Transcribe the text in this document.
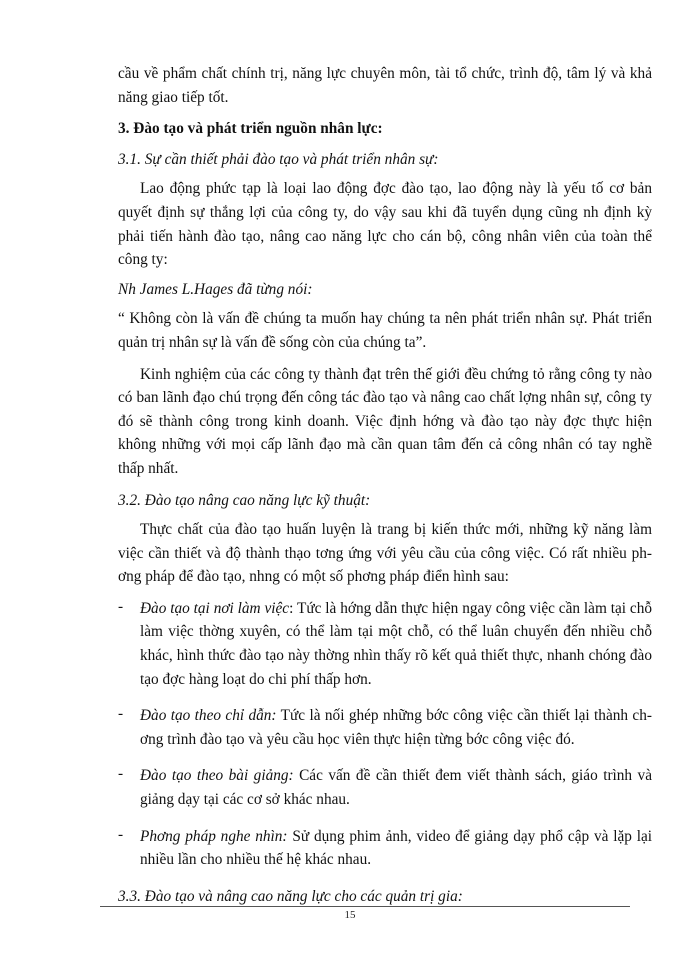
cầu về phẩm chất chính trị, năng lực chuyên môn, tài tổ chức, trình độ, tâm lý và khả năng giao tiếp tốt.

3. Đào tạo và phát triển nguồn nhân lực:

3.1. Sự cần thiết phải đào tạo và phát triển nhân sự:

Lao động phức tạp là loại lao động đợc đào tạo, lao động này là yếu tố cơ bản quyết định sự thắng lợi của công ty, do vậy sau khi đã tuyển dụng cũng nh định kỳ phải tiến hành đào tạo, nâng cao năng lực cho cán bộ, công nhân viên của toàn thể công ty:

Nh James L.Hages đã từng nói:

“ Không còn là vấn đề chúng ta muốn hay chúng ta nên phát triển nhân sự. Phát triển quản trị nhân sự là vấn đề sống còn của chúng ta”.

Kinh nghiệm của các công ty thành đạt trên thế giới đều chứng tỏ rằng công ty nào có ban lãnh đạo chú trọng đến công tác đào tạo và nâng cao chất lợng nhân sự, công ty đó sẽ thành công trong kinh doanh. Việc định hớng và đào tạo này đợc thực hiện không những với mọi cấp lãnh đạo mà cần quan tâm đến cả công nhân có tay nghề thấp nhất.

3.2. Đào tạo nâng cao năng lực kỹ thuật:

Thực chất của đào tạo huấn luyện là trang bị kiến thức mới, những kỹ năng làm việc cần thiết và độ thành thạo tơng ứng với yêu cầu của công việc. Có rất nhiều phơng pháp để đào tạo, nhng có một số phơng pháp điển hình sau:

- Đào tạo tại nơi làm việc: Tức là hớng dẫn thực hiện ngay công việc cần làm tại chỗ làm việc thờng xuyên, có thể làm tại một chỗ, có thể luân chuyển đến nhiều chỗ khác, hình thức đào tạo này thờng nhìn thấy rõ kết quả thiết thực, nhanh chóng đào tạo đợc hàng loạt do chi phí thấp hơn.
- Đào tạo theo chỉ dẫn: Tức là nối ghép những bớc công việc cần thiết lại thành chơng trình đào tạo và yêu cầu học viên thực hiện từng bớc công việc đó.
- Đào tạo theo bài giảng: Các vấn đề cần thiết đem viết thành sách, giáo trình và giảng dạy tại các cơ sở khác nhau.
- Phơng pháp nghe nhìn: Sử dụng phim ảnh, video để giảng dạy phổ cập và lặp lại nhiều lần cho nhiều thế hệ khác nhau.

3.3. Đào tạo và nâng cao năng lực cho các quản trị gia:

15
